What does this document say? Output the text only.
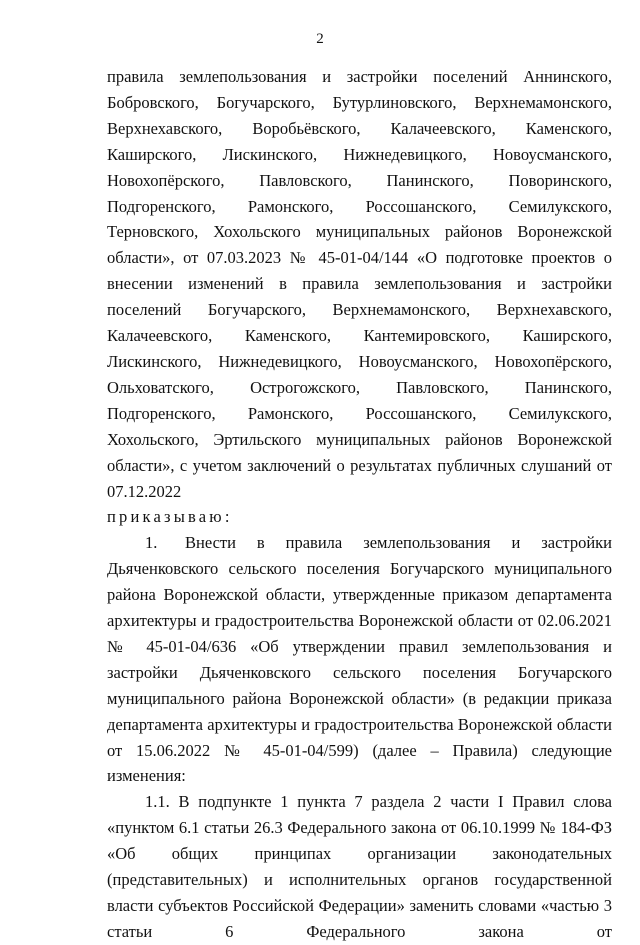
2

правила землепользования и застройки поселений Аннинского, Бобровского, Богучарского, Бутурлиновского, Верхнемамонского, Верхнехавского, Воробьёвского, Калачеевского, Каменского, Каширского, Лискинского, Нижнедевицкого, Новоусманского, Новохопёрского, Павловского, Панинского, Поворинского, Подгоренского, Рамонского, Россошанского, Семилукского, Терновского, Хохольского муниципальных районов Воронежской области», от 07.03.2023 № 45-01-04/144 «О подготовке проектов о внесении изменений в правила землепользования и застройки поселений Богучарского, Верхнемамонского, Верхнехавского, Калачеевского, Каменского, Кантемировского, Каширского, Лискинского, Нижнедевицкого, Новоусманского, Новохопёрского, Ольховатского, Острогожского, Павловского, Панинского, Подгоренского, Рамонского, Россошанского, Семилукского, Хохольского, Эртильского муниципальных районов Воронежской области», с учетом заключений о результатах публичных слушаний от 07.12.2022

приказываю:

1. Внести в правила землепользования и застройки Дьяченковского сельского поселения Богучарского муниципального района Воронежской области, утвержденные приказом департамента архитектуры и градостроительства Воронежской области от 02.06.2021 № 45-01-04/636 «Об утверждении правил землепользования и застройки Дьяченковского сельского поселения Богучарского муниципального района Воронежской области» (в редакции приказа департамента архитектуры и градостроительства Воронежской области от 15.06.2022 № 45-01-04/599) (далее – Правила) следующие изменения:

1.1. В подпункте 1 пункта 7 раздела 2 части I Правил слова «пунктом 6.1 статьи 26.3 Федерального закона от 06.10.1999 № 184-ФЗ «Об общих принципах организации законодательных (представительных) и исполнительных органов государственной власти субъектов Российской Федерации» заменить словами «частью 3 статьи 6 Федерального закона от
